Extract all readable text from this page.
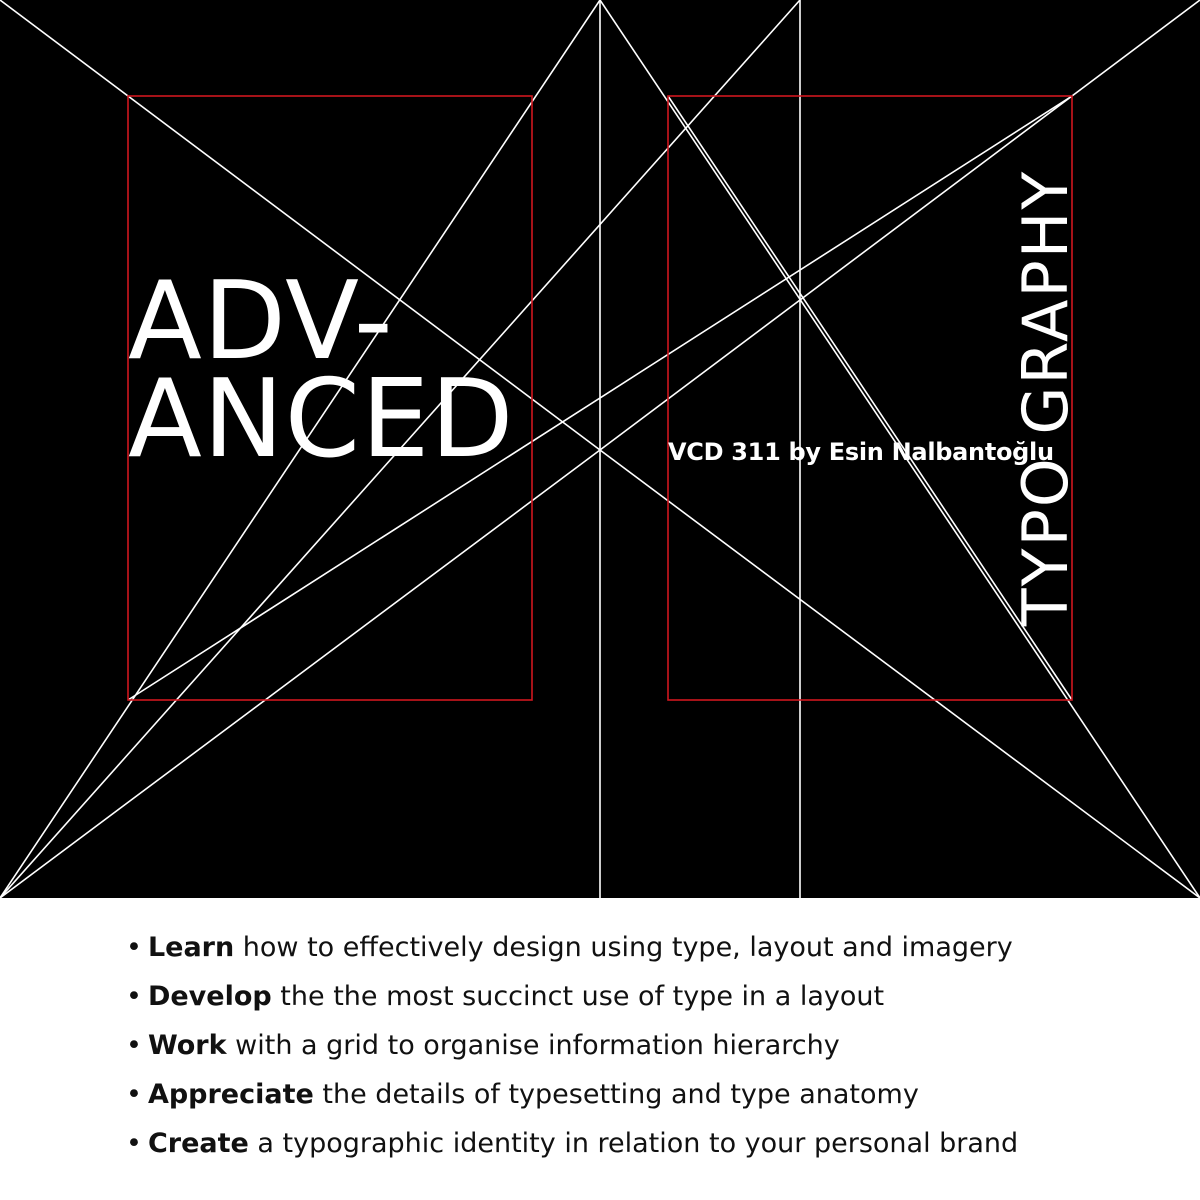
ADV-
ANCED	VCD 311 by Esin Nalbantoğlu
TYPO GRAPHY
• Learn how to effectively design using type, layout and imagery
• Develop the the most succinct use of type in a layout
• Work with a grid to organise information hierarchy
• Appreciate the details of typesetting and type anatomy
• Create a typographic identity in relation to your personal brand
